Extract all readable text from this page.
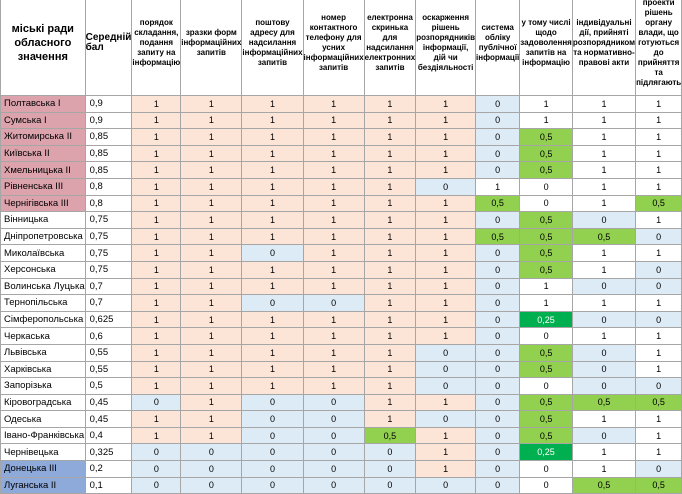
міські ради обласного значення	Середній бал	порядок складання, подання запиту на інформацію	зразки форм інформаційних запитів	поштову адресу для надсилання інформаційних запитів	номер контактного телефону для усних інформаційних запитів	електронна скринька для надсилання електронних запитів	оскарження рішень розпорядників інформації, дій чи бездіяльності	система обліку публічної інформації	у тому числі щодо задоволення запитів на інформацію	індивідуальні дії, прийняті розпорядником та нормативно-правові акти	проекти рішень органу влади, що готуються до прийняття та підлягають
Полтавська І	0,9	1	1	1	1	1	1	0	1	1	1
Сумська І	0,9	1	1	1	1	1	1	0	1	1	1
Житомирська ІІ	0,85	1	1	1	1	1	1	0	0,5	1	1
Київська ІІ	0,85	1	1	1	1	1	1	0	0,5	1	1
Хмельницька ІІ	0,85	1	1	1	1	1	1	0	0,5	1	1
Рівненська ІІІ	0,8	1	1	1	1	1	0	1	0	1	1
Чернігівська ІІІ	0,8	1	1	1	1	1	1	0,5	0	1	0,5
Вінницька	0,75	1	1	1	1	1	1	0	0,5	0	1
Дніпропетровська	0,75	1	1	1	1	1	1	0,5	0,5	0,5	0
Миколаївська	0,75	1	1	0	1	1	1	0	0,5	1	1
Херсонська	0,75	1	1	1	1	1	1	0	0,5	1	0
Волинська Луцька	0,7	1	1	1	1	1	1	0	1	0	0
Тернопільська	0,7	1	1	0	0	1	1	0	1	1	1
Сімферопольська	0,625	1	1	1	1	1	1	0	0,25	0	0
Черкаська	0,6	1	1	1	1	1	1	0	0	1	1
Львівська	0,55	1	1	1	1	1	0	0	0,5	0	1
Харківська	0,55	1	1	1	1	1	0	0	0,5	0	1
Запорізька	0,5	1	1	1	1	1	0	0	0	0	0
Кіровоградська	0,45	0	1	0	0	1	1	0	0,5	0,5	0,5
Одеська	0,45	1	1	0	0	1	0	0	0,5	1	1
Івано-Франківська	0,4	1	1	0	0	0,5	1	0	0,5	0	1
Чернівецька	0,325	0	0	0	0	0	1	0	0,25	1	1
Донецька ІІІ	0,2	0	0	0	0	0	1	0	0	1	0
Луганська ІІ	0,1	0	0	0	0	0	0	0	0	0,5	0,5
